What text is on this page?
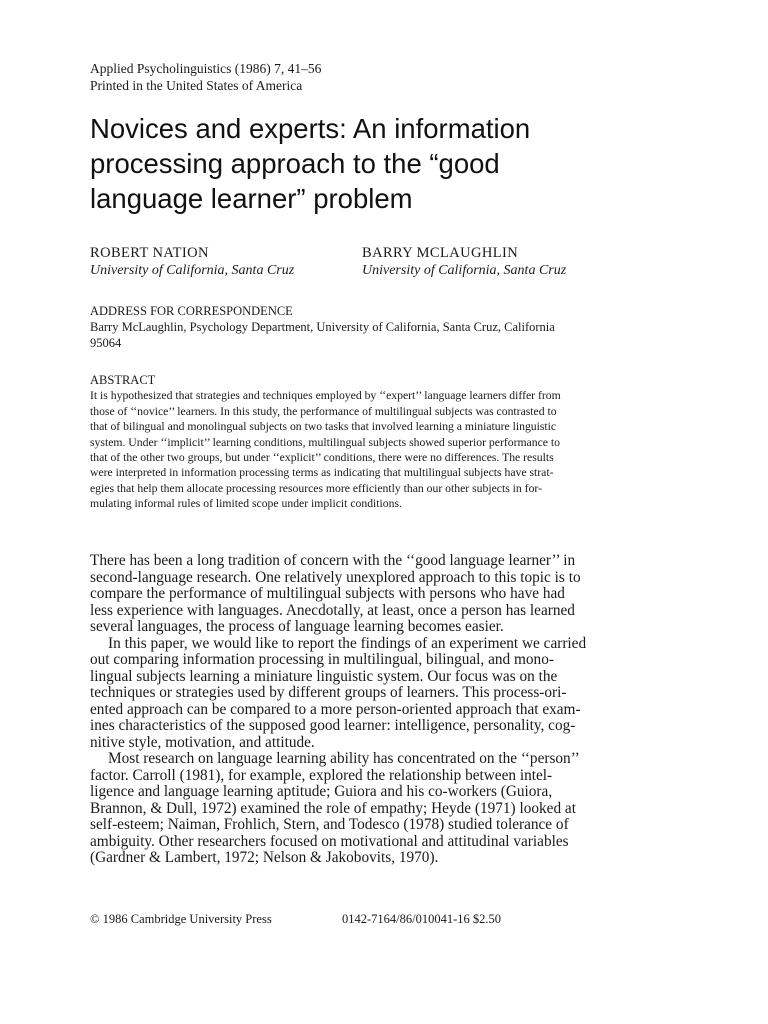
Applied Psycholinguistics (1986) 7, 41–56
Printed in the United States of America
Novices and experts: An information
processing approach to the “good
language learner” problem
ROBERT NATION
University of California, Santa Cruz
BARRY MCLAUGHLIN
University of California, Santa Cruz
ADDRESS FOR CORRESPONDENCE
Barry McLaughlin, Psychology Department, University of California, Santa Cruz, California
95064
ABSTRACT
It is hypothesized that strategies and techniques employed by ‘‘expert’’ language learners differ from
those of ‘‘novice’’ learners. In this study, the performance of multilingual subjects was contrasted to
that of bilingual and monolingual subjects on two tasks that involved learning a miniature linguistic
system. Under ‘‘implicit’’ learning conditions, multilingual subjects showed superior performance to
that of the other two groups, but under ‘‘explicit’’ conditions, there were no differences. The results
were interpreted in information processing terms as indicating that multilingual subjects have strat-
egies that help them allocate processing resources more efficiently than our other subjects in for-
mulating informal rules of limited scope under implicit conditions.
There has been a long tradition of concern with the ‘‘good language learner’’ in
second-language research. One relatively unexplored approach to this topic is to
compare the performance of multilingual subjects with persons who have had
less experience with languages. Anecdotally, at least, once a person has learned
several languages, the process of language learning becomes easier.
In this paper, we would like to report the findings of an experiment we carried
out comparing information processing in multilingual, bilingual, and mono-
lingual subjects learning a miniature linguistic system. Our focus was on the
techniques or strategies used by different groups of learners. This process-ori-
ented approach can be compared to a more person-oriented approach that exam-
ines characteristics of the supposed good learner: intelligence, personality, cog-
nitive style, motivation, and attitude.
Most research on language learning ability has concentrated on the ‘‘person’’
factor. Carroll (1981), for example, explored the relationship between intel-
ligence and language learning aptitude; Guiora and his co-workers (Guiora,
Brannon, & Dull, 1972) examined the role of empathy; Heyde (1971) looked at
self-esteem; Naiman, Frohlich, Stern, and Todesco (1978) studied tolerance of
ambiguity. Other researchers focused on motivational and attitudinal variables
(Gardner & Lambert, 1972; Nelson & Jakobovits, 1970).
© 1986 Cambridge University Press	0142-7164/86/010041-16 $2.50
